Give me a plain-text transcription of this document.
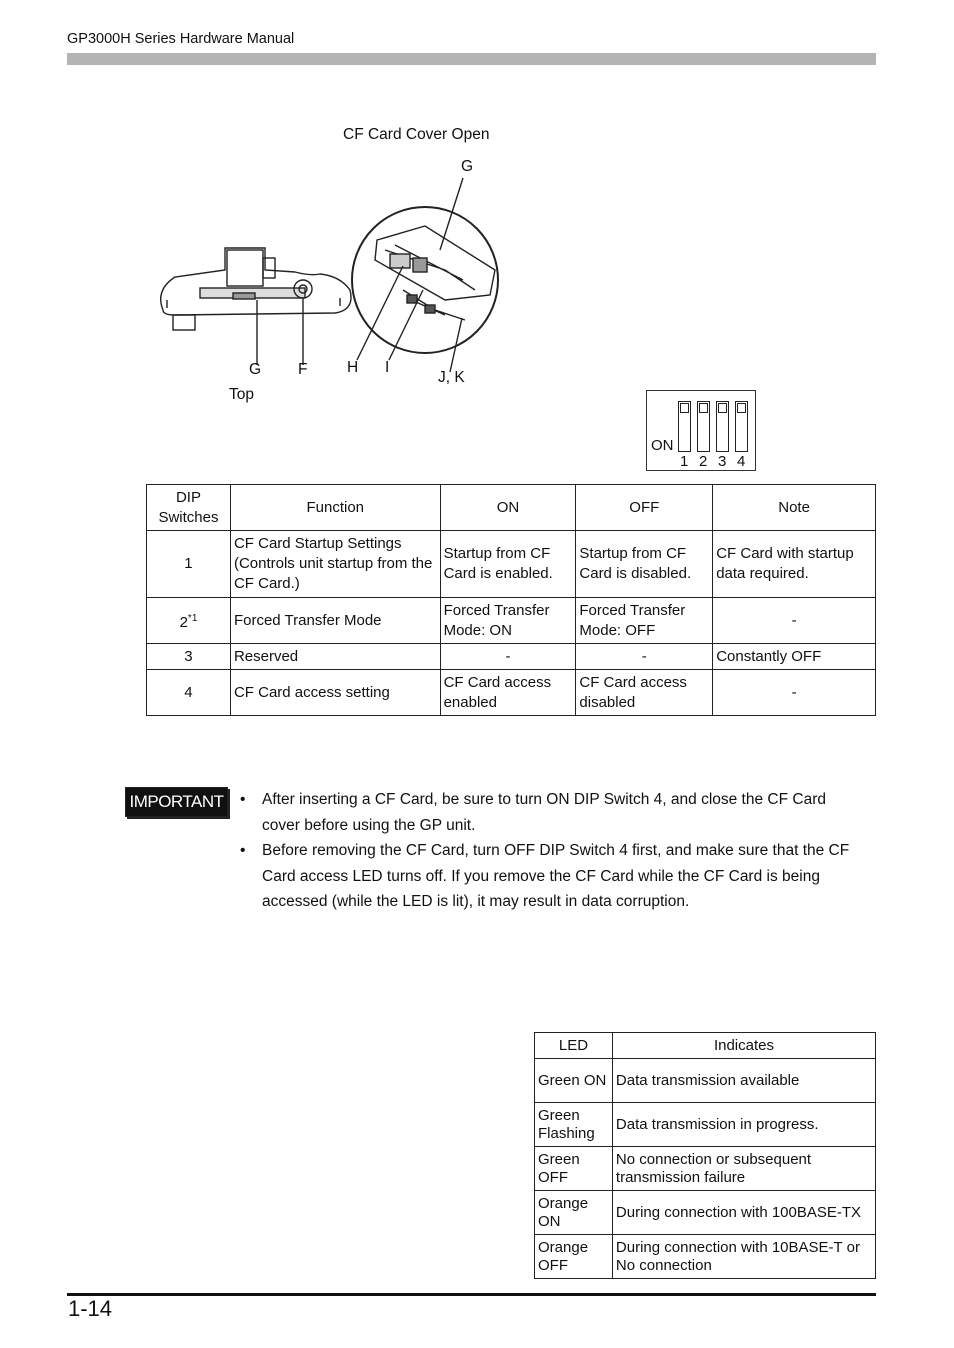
GP3000H Series Hardware Manual
CF Card Cover Open
G
G F	H I
J, K
Top
ON
1 2 3 4
DIP Switches	Function	ON	OFF	Note
1	CF Card Startup Settings (Controls unit startup from the CF Card.)	Startup from CF Card is enabled.	Startup from CF Card is disabled.	CF Card with startup data required.
2$^{*1}$	Forced Transfer Mode	Forced Transfer Mode: ON	Forced Transfer Mode: OFF	-
3	Reserved	-	-	Constantly OFF
4	CF Card access setting	CF Card access enabled	CF Card access disabled	-
IMPORTANT • After inserting a CF Card, be sure to turn ON DIP Switch 4, and close the CF Card cover before using the GP unit.
• Before removing the CF Card, turn OFF DIP Switch 4 first, and make sure that the CF Card access LED turns off. If you remove the CF Card while the CF Card is being accessed (while the LED is lit), it may result in data corruption.
LED	Indicates
Green ON	Data transmission available
Green Flashing	Data transmission in progress.
Green OFF	No connection or subsequent transmission failure
Orange ON	During connection with 100BASE-TX
Orange OFF	During connection with 10BASE-T or No connection
1-14
